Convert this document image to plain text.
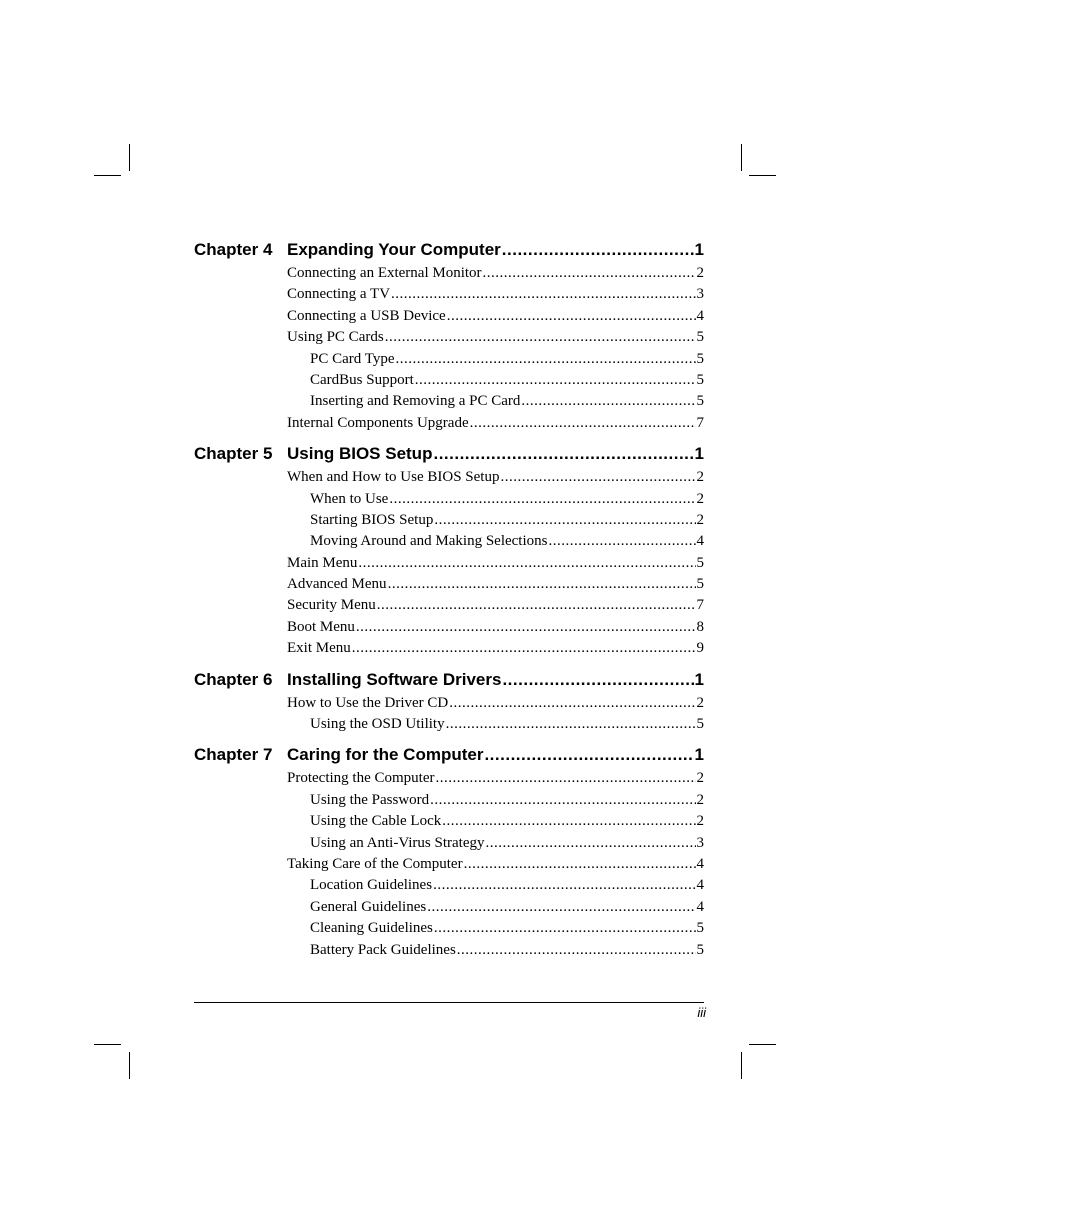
Chapter 4 Expanding Your Computer .....	1
Connecting an External Monitor .....	2
Connecting a TV .....	3
Connecting a USB Device .....	4
Using PC Cards .....	5
PC Card Type .....	5
CardBus Support .....	5
Inserting and Removing a PC Card .....	5
Internal Components Upgrade .....	7
Chapter 5 Using BIOS Setup .....	1
When and How to Use BIOS Setup .....	2
When to Use .....	2
Starting BIOS Setup .....	2
Moving Around and Making Selections .....	4
Main Menu .....	5
Advanced Menu .....	5
Security Menu .....	7
Boot Menu .....	8
Exit Menu .....	9
Chapter 6 Installing Software Drivers .....	1
How to Use the Driver CD .....	2
Using the OSD Utility .....	5
Chapter 7 Caring for the Computer .....	1
Protecting the Computer .....	2
Using the Password .....	2
Using the Cable Lock .....	2
Using an Anti-Virus Strategy .....	3
Taking Care of the Computer .....	4
Location Guidelines .....	4
General Guidelines .....	4
Cleaning Guidelines .....	5
Battery Pack Guidelines .....	5
iii
